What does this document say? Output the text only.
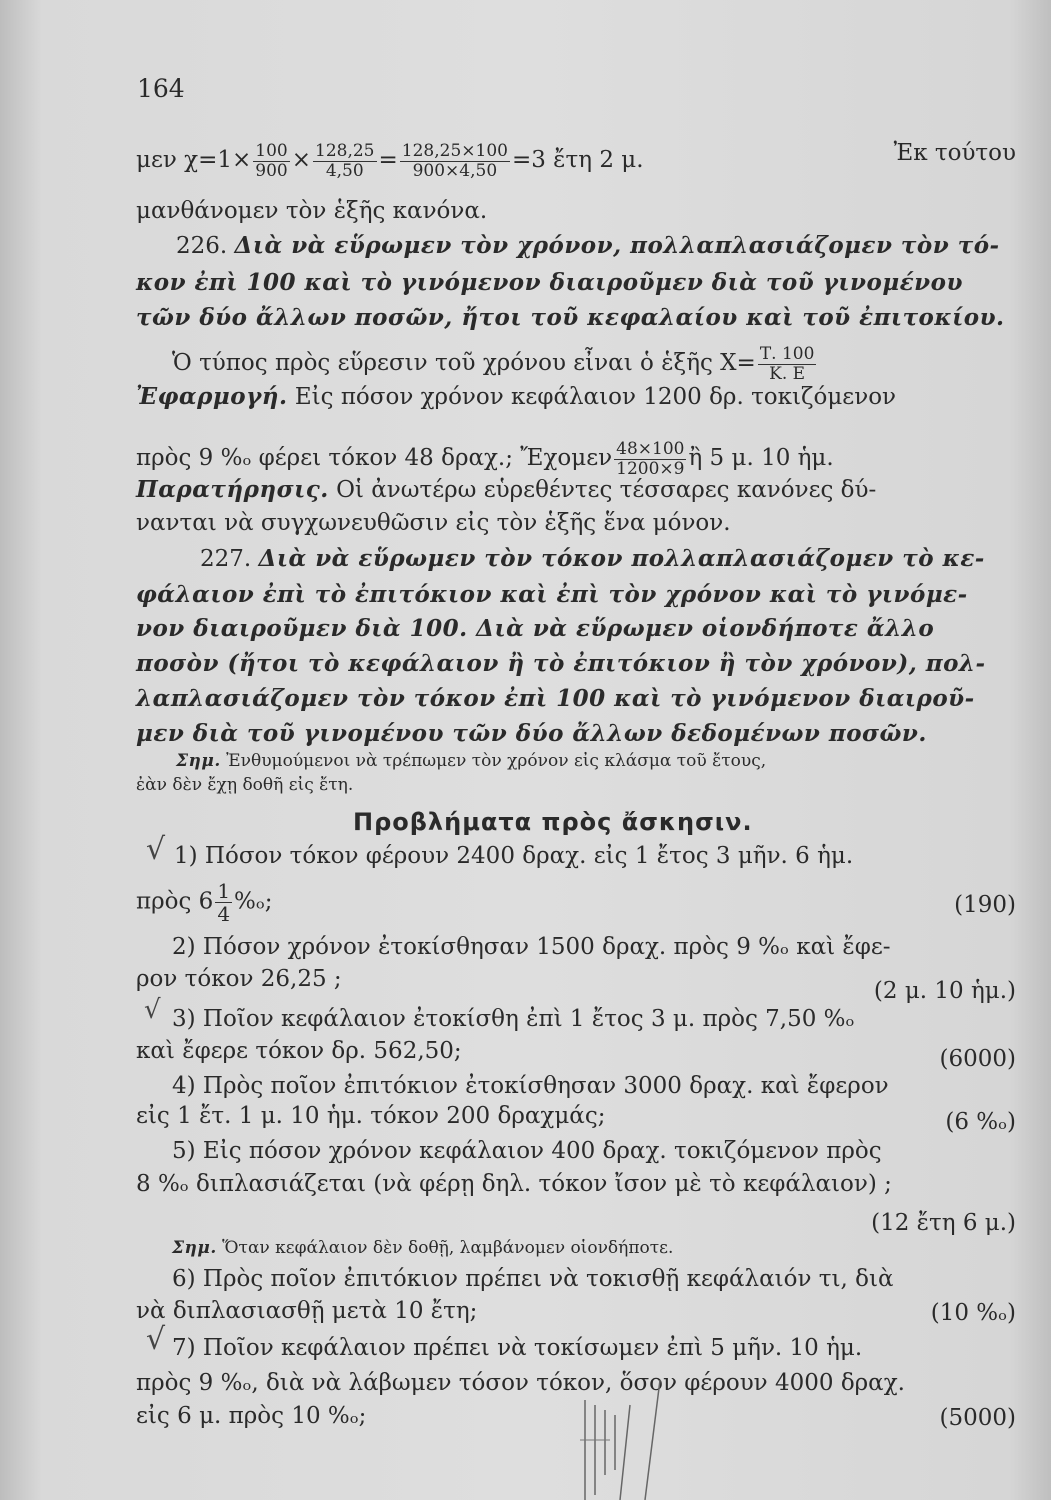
164
μεν $\chi=1\times \frac{100}{900} \times \frac{128,25}{4,50} = \frac{128,25\times 100}{900\times 4,50} =3$ ἔτη 2 μ.	Ἐκ τούτου
μανθάνομεν τὸν ἑξῆς κανόνα.
226. Διὰ νὰ εὕρωμεν τὸν χρόνον, πολλαπλασιάζομεν τὸν τό-
κον ἐπὶ 100 καὶ τὸ γινόμενον διαιροῦμεν διὰ τοῦ γινομένου
τῶν δύο ἄλλων ποσῶν, ἤτοι τοῦ κεφαλαίου καὶ τοῦ ἐπιτοκίου.
Ὁ τύπος πρὸς εὕρεσιν τοῦ χρόνου εἶναι ὁ ἑξῆς $X= \frac{T. 100}{K. E}$
Ἐφαρμογή. Εἰς πόσον χρόνον κεφάλαιον 1200 δρ. τοκιζόμενον
πρὸς 9 %ₒ φέρει τόκον 48 δραχ.; Ἔχομεν $\frac{48\times 100}{1200\times 9}$ ἢ 5 μ. 10 ἡμ.
Παρατήρησις. Οἱ ἀνωτέρω εὑρεθέντες τέσσαρες κανόνες δύ-
νανται νὰ συγχωνευθῶσιν εἰς τὸν ἑξῆς ἕνα μόνον.
227. Διὰ νὰ εὕρωμεν τὸν τόκον πολλαπλασιάζομεν τὸ κε-
φάλαιον ἐπὶ τὸ ἐπιτόκιον καὶ ἐπὶ τὸν χρόνον καὶ τὸ γινόμε-
νον διαιροῦμεν διὰ 100. Διὰ νὰ εὕρωμεν οἱονδήποτε ἄλλο
ποσὸν (ἤτοι τὸ κεφάλαιον ἢ τὸ ἐπιτόκιον ἢ τὸν χρόνον), πολ-
λαπλασιάζομεν τὸν τόκον ἐπὶ 100 καὶ τὸ γινόμενον διαιροῦ-
μεν διὰ τοῦ γινομένου τῶν δύο ἄλλων δεδομένων ποσῶν.
Σημ. Ἐνθυμούμενοι νὰ τρέπωμεν τὸν χρόνον εἰς κλάσμα τοῦ ἔτους,
ἐὰν δὲν ἔχῃ δοθῆ εἰς ἔτη.
Προβλήματα πρὸς ἄσκησιν.
1) Πόσον τόκον φέρουν 2400 δραχ. εἰς 1 ἔτος 3 μῆν. 6 ἡμ.
πρὸς $6 \frac{1}{4} \%_o$;	(190)
2) Πόσον χρόνον ἐτοκίσθησαν 1500 δραχ. πρὸς 9 %ₒ καὶ ἔφε-
ρον τόκον 26,25 ;	(2 μ. 10 ἡμ.)
3) Ποῖον κεφάλαιον ἐτοκίσθη ἐπὶ 1 ἔτος 3 μ. πρὸς 7,50 %ₒ
καὶ ἔφερε τόκον δρ. 562,50;	(6000)
4) Πρὸς ποῖον ἐπιτόκιον ἐτοκίσθησαν 3000 δραχ. καὶ ἔφερον
εἰς 1 ἔτ. 1 μ. 10 ἡμ. τόκον 200 δραχμάς;	(6 %ₒ)
5) Εἰς πόσον χρόνον κεφάλαιον 400 δραχ. τοκιζόμενον πρὸς
8 %ₒ διπλασιάζεται (νὰ φέρῃ δηλ. τόκον ἴσον μὲ τὸ κεφάλαιον) ;
(12 ἔτη 6 μ.)
Σημ. Ὅταν κεφάλαιον δὲν δοθῇ, λαμβάνομεν οἱονδήποτε.
6) Πρὸς ποῖον ἐπιτόκιον πρέπει νὰ τοκισθῇ κεφάλαιόν τι, διὰ
νὰ διπλασιασθῇ μετὰ 10 ἔτη;	(10 %ₒ)
7) Ποῖον κεφάλαιον πρέπει νὰ τοκίσωμεν ἐπὶ 5 μῆν. 10 ἡμ.
πρὸς 9 %ₒ, διὰ νὰ λάβωμεν τόσον τόκον, ὅσον φέρουν 4000 δραχ.
εἰς 6 μ. πρὸς 10 %ₒ;	(5000)
√
√
√
